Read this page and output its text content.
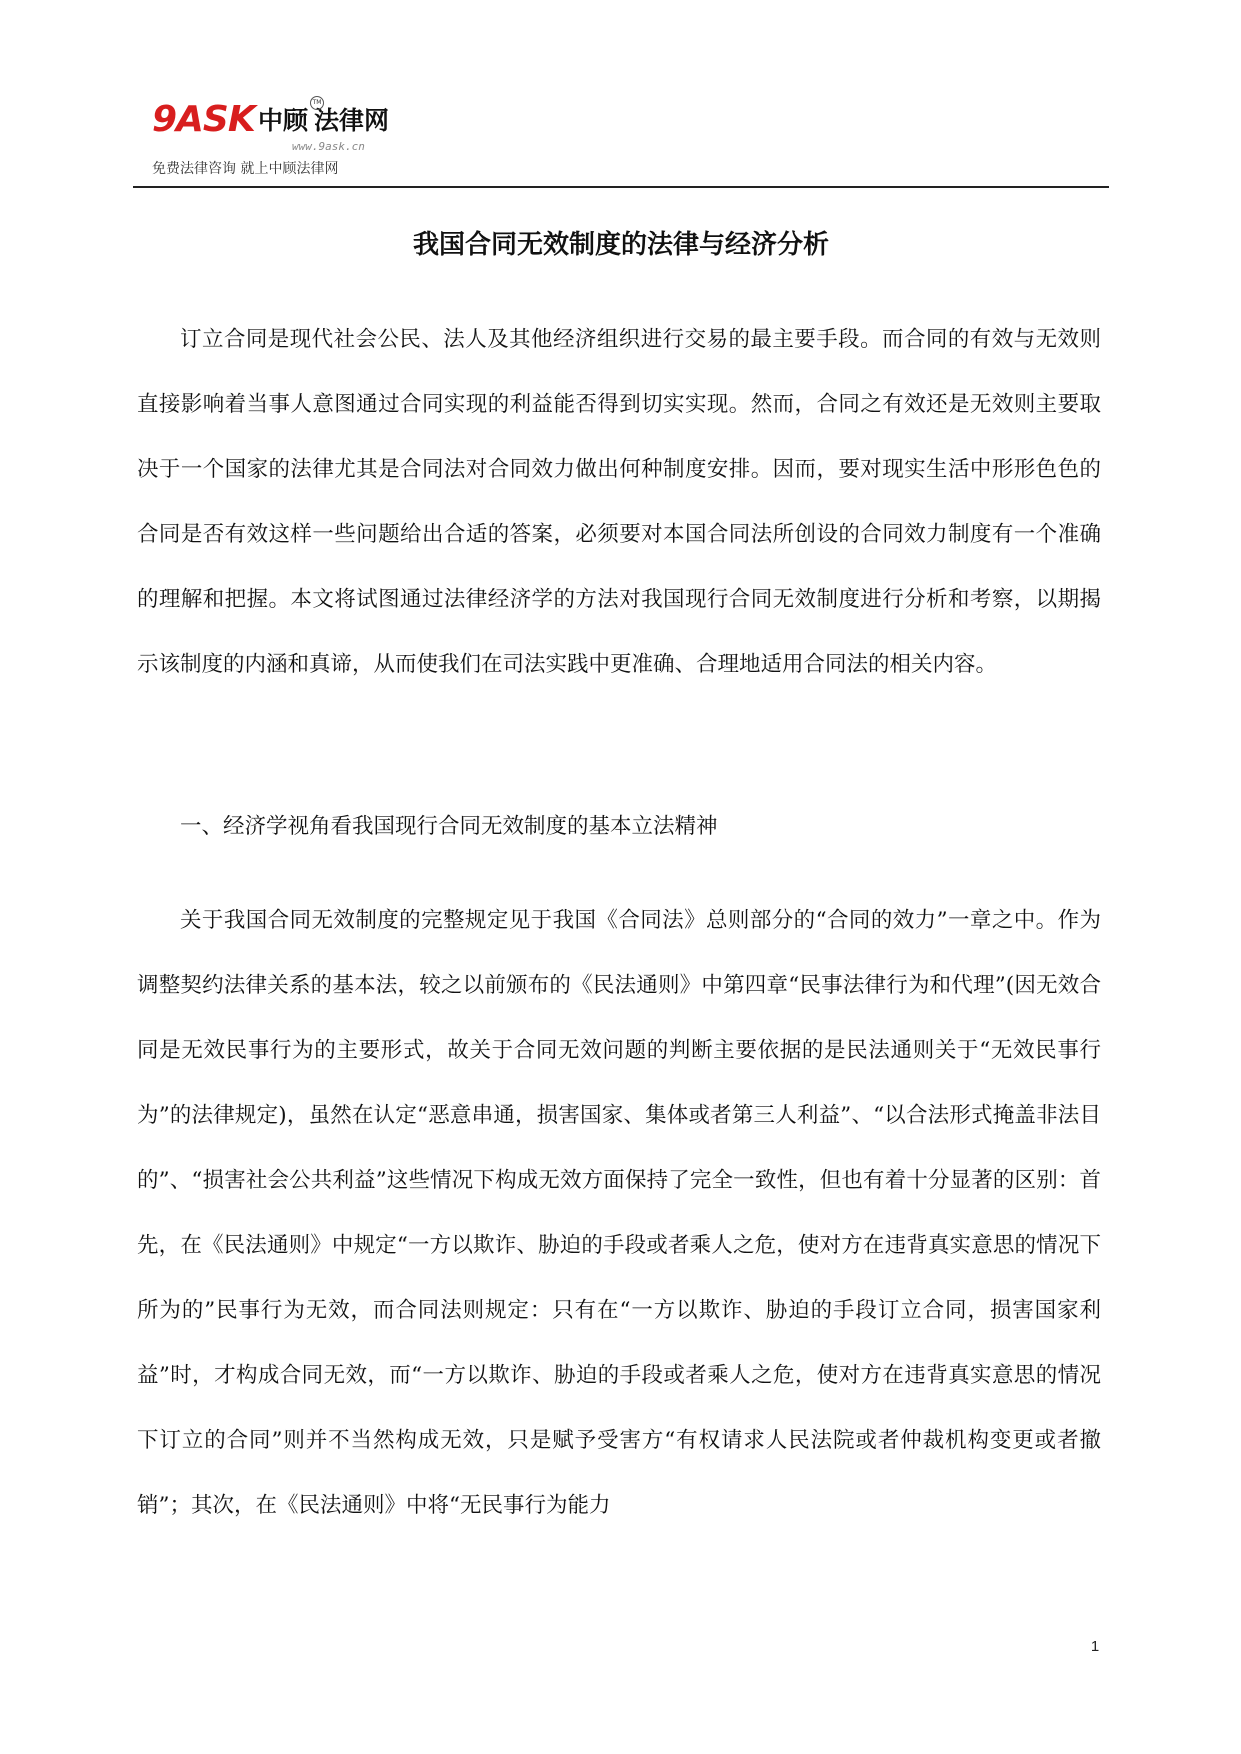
9ASK 中顾 法律网
TM
www.9ask.cn
免费法律咨询 就上中顾法律网
我国合同无效制度的法律与经济分析

订立合同是现代社会公民、法人及其他经济组织进行交易的最主要手段。而合同的有效与无效则直接影响着当事人意图通过合同实现的利益能否得到切实实现。然而，合同之有效还是无效则主要取决于一个国家的法律尤其是合同法对合同效力做出何种制度安排。因而，要对现实生活中形形色色的合同是否有效这样一些问题给出合适的答案，必须要对本国合同法所创设的合同效力制度有一个准确的理解和把握。本文将试图通过法律经济学的方法对我国现行合同无效制度进行分析和考察，以期揭示该制度的内涵和真谛，从而使我们在司法实践中更准确、合理地适用合同法的相关内容。

一、经济学视角看我国现行合同无效制度的基本立法精神

关于我国合同无效制度的完整规定见于我国《合同法》总则部分的“合同的效力”一章之中。作为调整契约法律关系的基本法，较之以前颁布的《民法通则》中第四章“民事法律行为和代理”(因无效合同是无效民事行为的主要形式，故关于合同无效问题的判断主要依据的是民法通则关于“无效民事行为”的法律规定)，虽然在认定“恶意串通，损害国家、集体或者第三人利益”、“以合法形式掩盖非法目的”、“损害社会公共利益”这些情况下构成无效方面保持了完全一致性，但也有着十分显著的区别：首先，在《民法通则》中规定“一方以欺诈、胁迫的手段或者乘人之危，使对方在违背真实意思的情况下所为的”民事行为无效，而合同法则规定：只有在“一方以欺诈、胁迫的手段订立合同，损害国家利益”时，才构成合同无效，而“一方以欺诈、胁迫的手段或者乘人之危，使对方在违背真实意思的情况下订立的合同”则并不当然构成无效，只是赋予受害方“有权请求人民法院或者仲裁机构变更或者撤销”；其次，在《民法通则》中将“无民事行为能力

1
